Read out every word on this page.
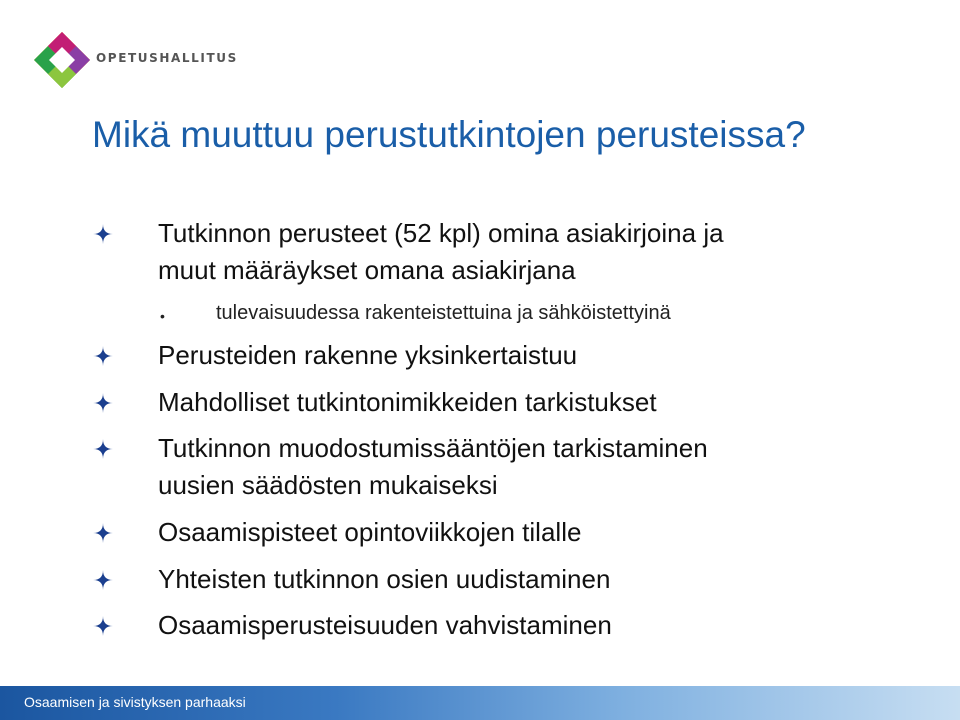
OPETUSHALLITUS
Mikä muuttuu perustutkintojen perusteissa?
Tutkinnon perusteet (52 kpl) omina asiakirjoina ja
muut määräykset omana asiakirjana
•	tulevaisuudessa rakenteistettuina ja sähköistettyinä
Perusteiden rakenne yksinkertaistuu
Mahdolliset tutkintonimikkeiden tarkistukset
Tutkinnon muodostumissääntöjen tarkistaminen
uusien säädösten mukaiseksi
Osaamispisteet opintoviikkojen tilalle
Yhteisten tutkinnon osien uudistaminen
Osaamisperusteisuuden vahvistaminen
Osaamisen ja sivistyksen parhaaksi
